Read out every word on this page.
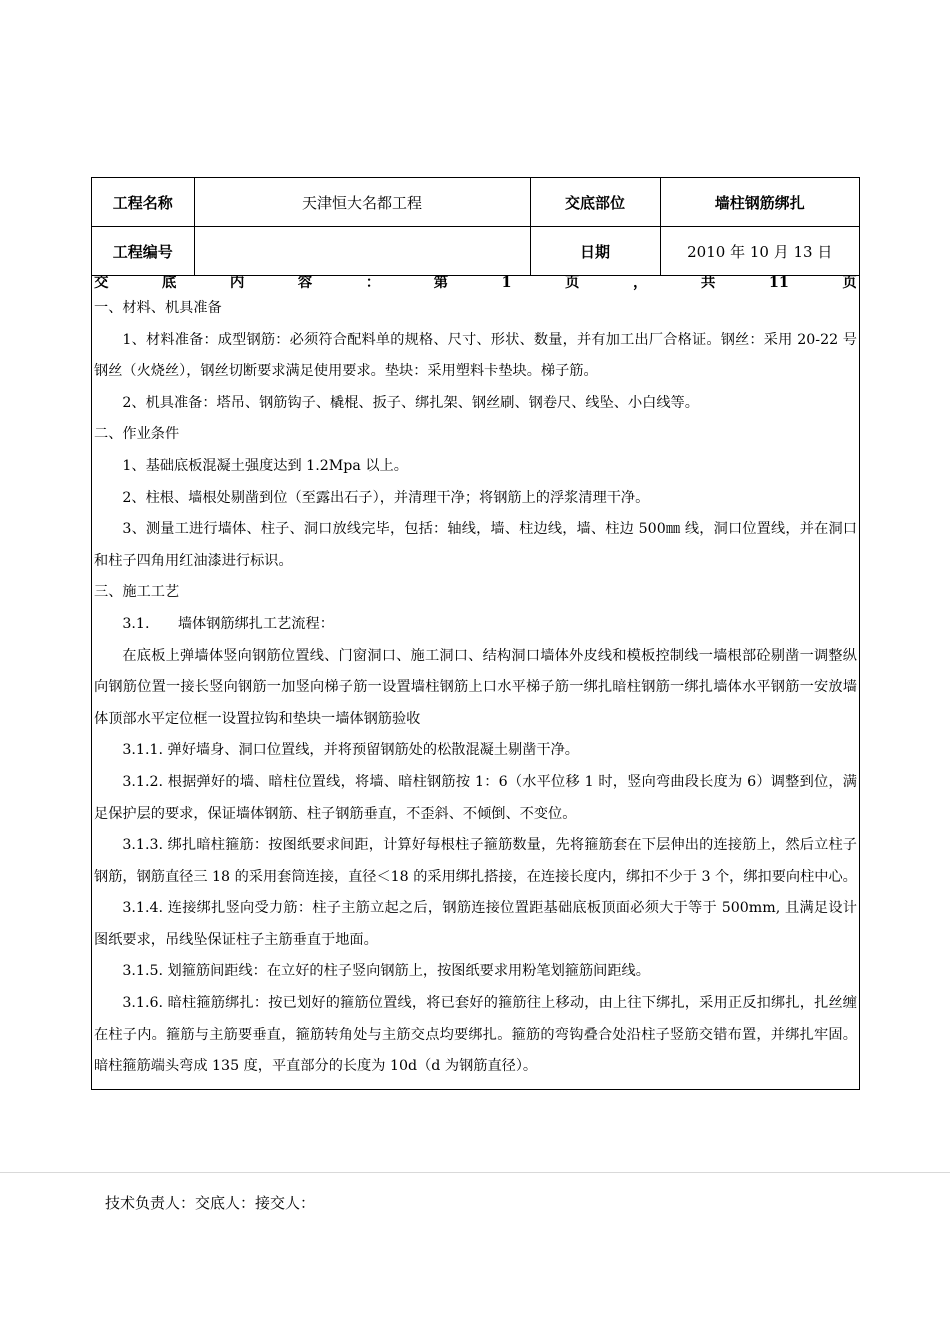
工程名称	天津恒大名都工程	交底部位	墙柱钢筋绑扎
工程编号		日期	2010 年 10 月 13 日
交	底	内	容	：	第	1	页	，	共	11	页

一、材料、机具准备

1、材料准备：成型钢筋：必须符合配料单的规格、尺寸、形状、数量，并有加工出厂合格证。钢丝：采用 20-22 号钢丝（火烧丝），钢丝切断要求满足使用要求。垫块：采用塑料卡垫块。梯子筋。

2、机具准备：塔吊、钢筋钩子、橇棍、扳子、绑扎架、钢丝刷、钢卷尺、线坠、小白线等。

二、作业条件

1、基础底板混凝土强度达到 1.2Mpa 以上。

2、柱根、墙根处剔凿到位（至露出石子），并清理干净；将钢筋上的浮浆清理干净。

3、测量工进行墙体、柱子、洞口放线完毕，包括：轴线，墙、柱边线，墙、柱边 500㎜ 线，洞口位置线，并在洞口和柱子四角用红油漆进行标识。

三、施工工艺

3.1.　　墙体钢筋绑扎工艺流程：

在底板上弹墙体竖向钢筋位置线、门窗洞口、施工洞口、结构洞口墙体外皮线和模板控制线一墙根部砼剔凿一调整纵向钢筋位置一接长竖向钢筋一加竖向梯子筋一设置墙柱钢筋上口水平梯子筋一绑扎暗柱钢筋一绑扎墙体水平钢筋一安放墙体顶部水平定位框一设置拉钩和垫块一墙体钢筋验收

3.1.1. 弹好墙身、洞口位置线，并将预留钢筋处的松散混凝土剔凿干净。

3.1.2. 根据弹好的墙、暗柱位置线，将墙、暗柱钢筋按 1：6（水平位移 1 时，竖向弯曲段长度为 6）调整到位，满足保护层的要求，保证墙体钢筋、柱子钢筋垂直，不歪斜、不倾倒、不变位。

3.1.3. 绑扎暗柱箍筋：按图纸要求间距，计算好每根柱子箍筋数量，先将箍筋套在下层伸出的连接筋上，然后立柱子钢筋，钢筋直径三 18 的采用套筒连接，直径＜18 的采用绑扎搭接，在连接长度内，绑扣不少于 3 个，绑扣要向柱中心。

3.1.4. 连接绑扎竖向受力筋：柱子主筋立起之后，钢筋连接位置距基础底板顶面必须大于等于 500mm, 且满足设计图纸要求，吊线坠保证柱子主筋垂直于地面。

3.1.5. 划箍筋间距线：在立好的柱子竖向钢筋上，按图纸要求用粉笔划箍筋间距线。

3.1.6. 暗柱箍筋绑扎：按已划好的箍筋位置线，将已套好的箍筋往上移动，由上往下绑扎，采用正反扣绑扎，扎丝缠在柱子内。箍筋与主筋要垂直，箍筋转角处与主筋交点均要绑扎。箍筋的弯钩叠合处沿柱子竖筋交错布置，并绑扎牢固。暗柱箍筋端头弯成 135 度，平直部分的长度为 10d（d 为钢筋直径）。

技术负责人：交底人：接交人：
